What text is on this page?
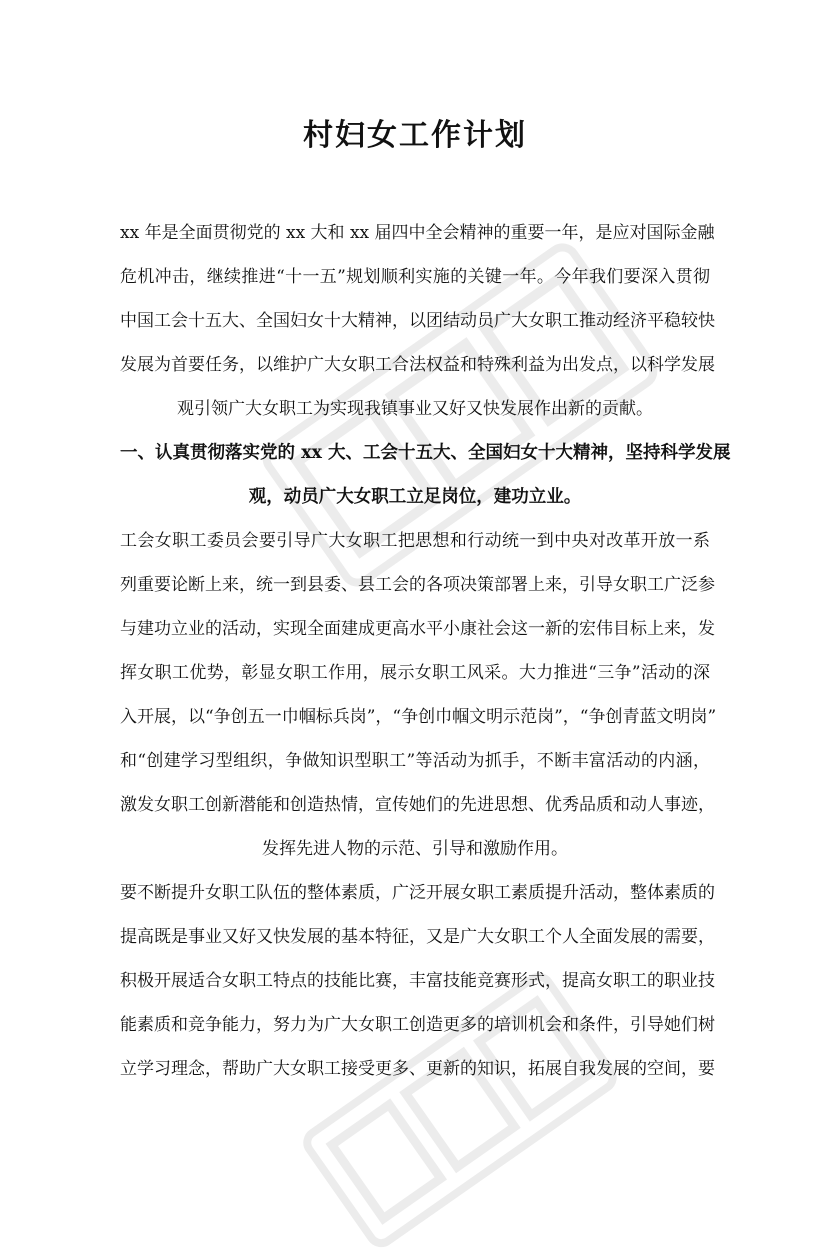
村妇女工作计划

xx 年是全面贯彻党的 xx 大和 xx 届四中全会精神的重要一年，是应对国际金融

危机冲击，继续推进“十一五”规划顺利实施的关键一年。今年我们要深入贯彻

中国工会十五大、全国妇女十大精神，以团结动员广大女职工推动经济平稳较快

发展为首要任务，以维护广大女职工合法权益和特殊利益为出发点，以科学发展

观引领广大女职工为实现我镇事业又好又快发展作出新的贡献。

一、认真贯彻落实党的 xx 大、工会十五大、全国妇女十大精神，坚持科学发展

观，动员广大女职工立足岗位，建功立业。

工会女职工委员会要引导广大女职工把思想和行动统一到中央对改革开放一系

列重要论断上来，统一到县委、县工会的各项决策部署上来，引导女职工广泛参

与建功立业的活动，实现全面建成更高水平小康社会这一新的宏伟目标上来，发

挥女职工优势，彰显女职工作用，展示女职工风采。大力推进“三争”活动的深

入开展，以“争创五一巾帼标兵岗”，“争创巾帼文明示范岗”，“争创青蓝文明岗”

和“创建学习型组织，争做知识型职工”等活动为抓手，不断丰富活动的内涵，

激发女职工创新潜能和创造热情，宣传她们的先进思想、优秀品质和动人事迹，

发挥先进人物的示范、引导和激励作用。

要不断提升女职工队伍的整体素质，广泛开展女职工素质提升活动，整体素质的

提高既是事业又好又快发展的基本特征，又是广大女职工个人全面发展的需要，

积极开展适合女职工特点的技能比赛，丰富技能竞赛形式，提高女职工的职业技

能素质和竞争能力，努力为广大女职工创造更多的培训机会和条件，引导她们树

立学习理念，帮助广大女职工接受更多、更新的知识，拓展自我发展的空间，要
